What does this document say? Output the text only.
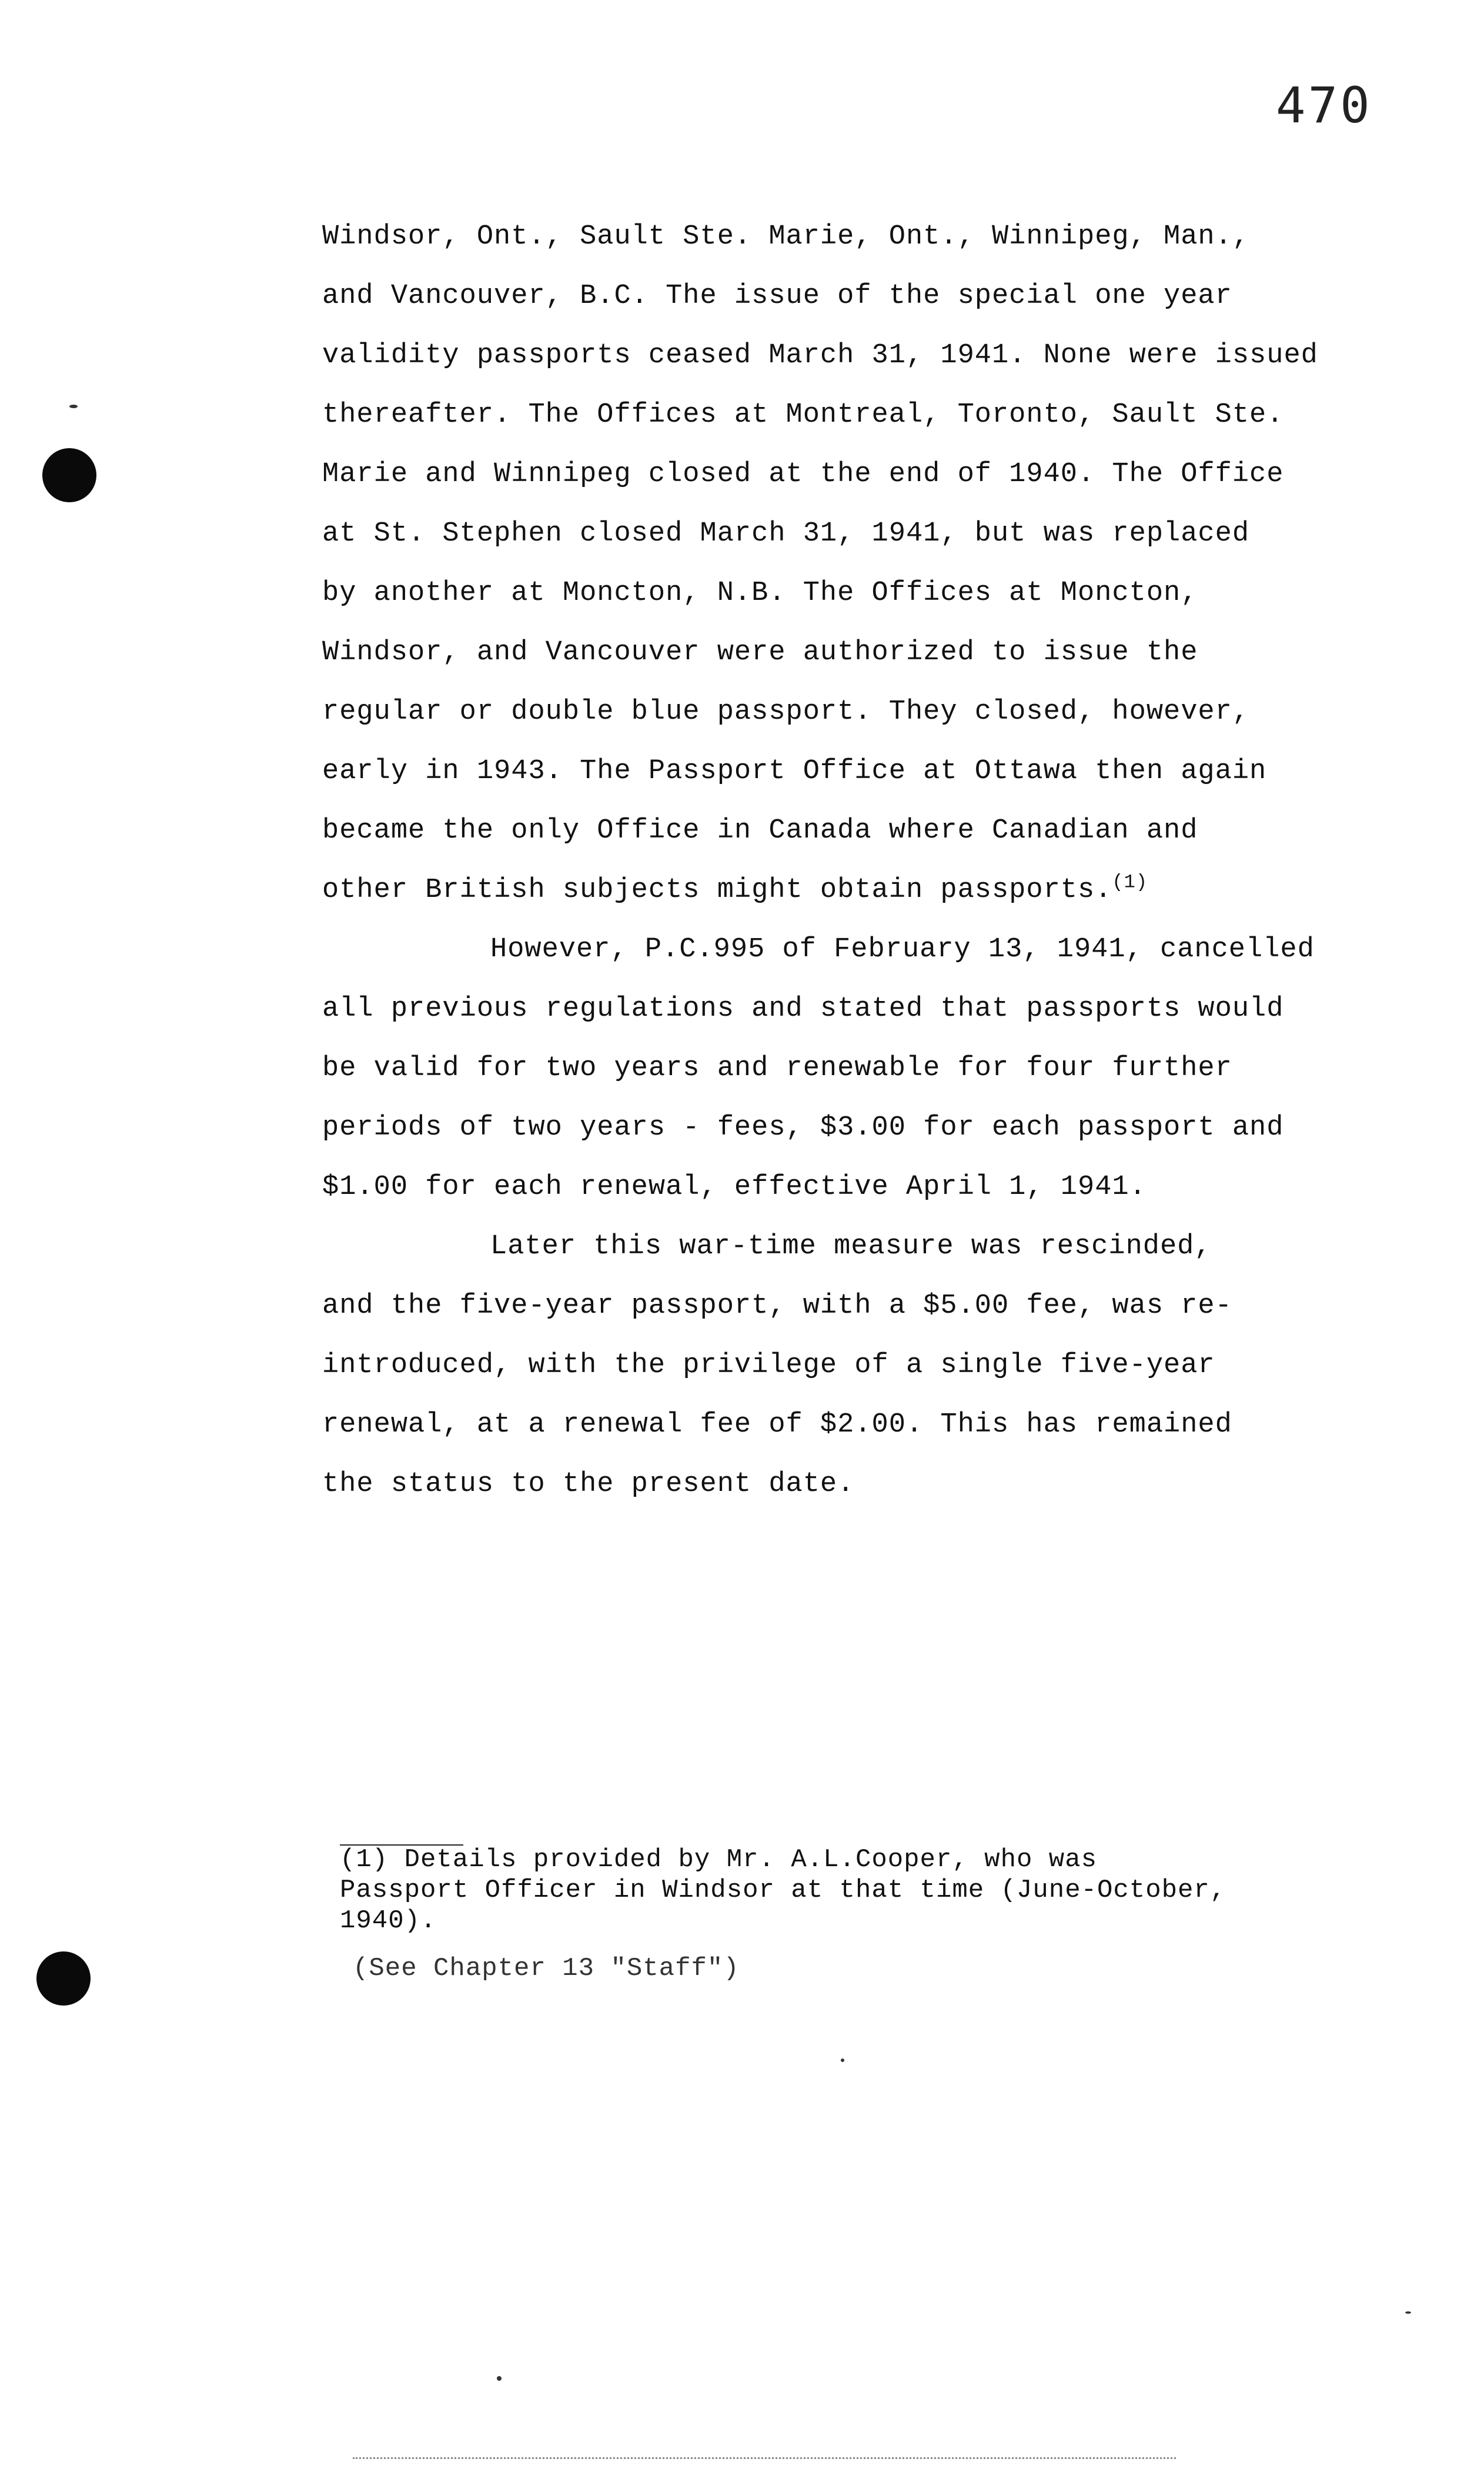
470
Windsor, Ont., Sault Ste. Marie, Ont., Winnipeg, Man.,
and Vancouver, B.C. The issue of the special one year
validity passports ceased March 31, 1941. None were issued
thereafter. The Offices at Montreal, Toronto, Sault Ste.
Marie and Winnipeg closed at the end of 1940. The Office
at St. Stephen closed March 31, 1941, but was replaced
by another at Moncton, N.B. The Offices at Moncton,
Windsor, and Vancouver were authorized to issue the
regular or double blue passport. They closed, however,
early in 1943. The Passport Office at Ottawa then again
became the only Office in Canada where Canadian and
other British subjects might obtain passports.$^{(1)}$
However, P.C.995 of February 13, 1941, cancelled
all previous regulations and stated that passports would
be valid for two years and renewable for four further
periods of two years - fees, $3.00 for each passport and
$1.00 for each renewal, effective April 1, 1941.
Later this war-time measure was rescinded,
and the five-year passport, with a $5.00 fee, was re-
introduced, with the privilege of a single five-year
renewal, at a renewal fee of $2.00. This has remained
the status to the present date.
(1) Details provided by Mr. A.L.Cooper, who was
Passport Officer in Windsor at that time (June-October,
1940).
(See Chapter 13 "Staff")
